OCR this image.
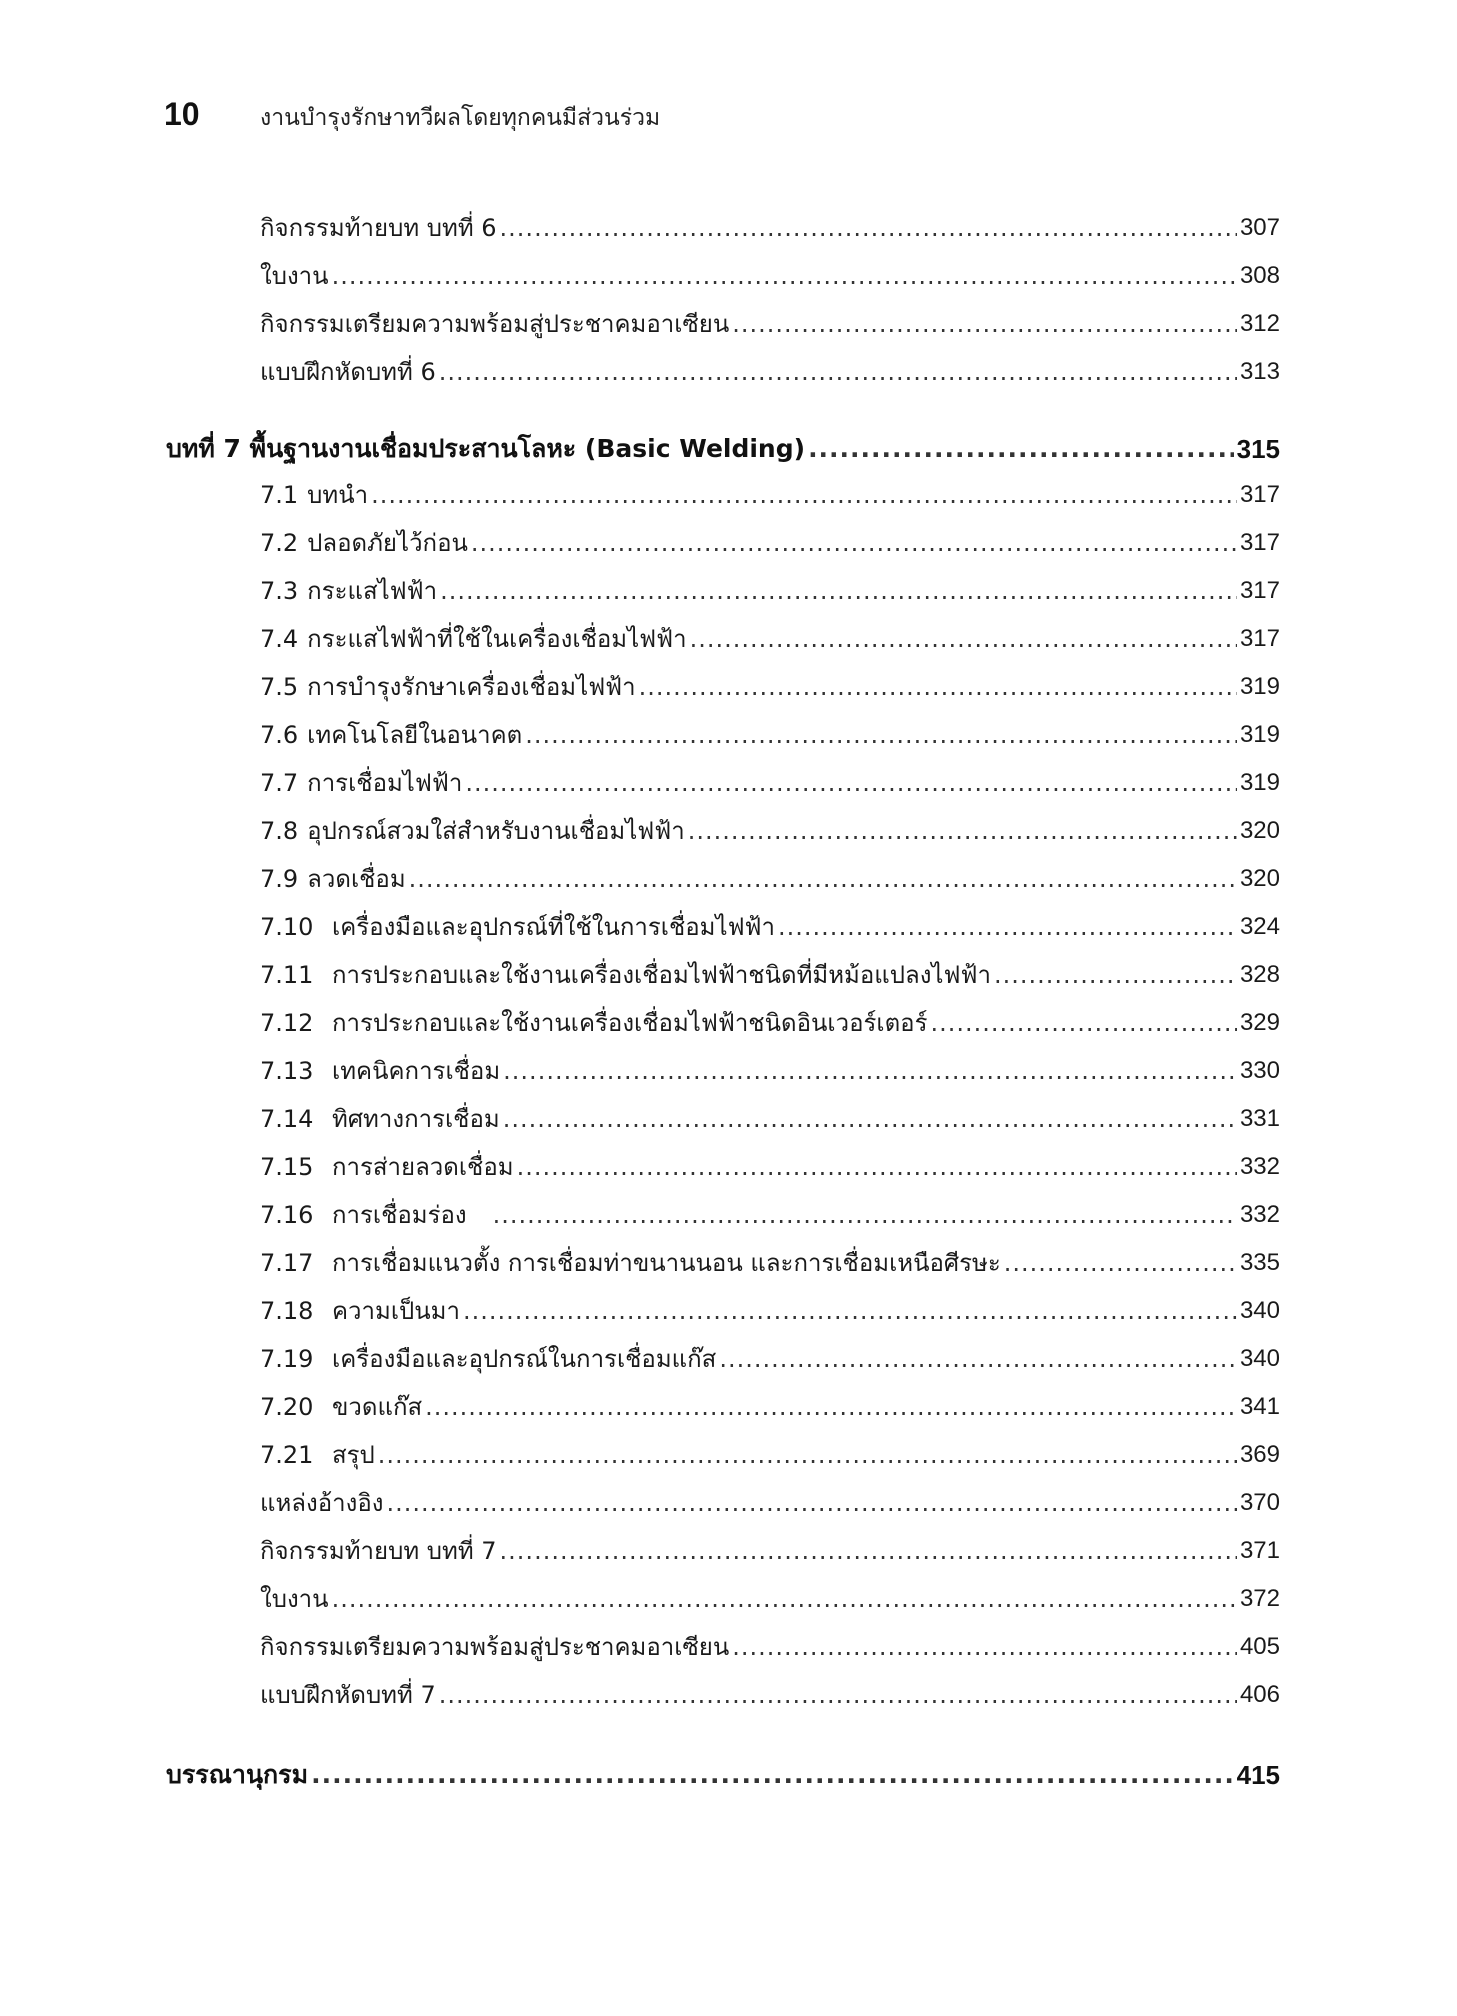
10	งานบำรุงรักษาทวีผลโดยทุกคนมีส่วนร่วม
กิจกรรมท้ายบท บทที่ 6 .....	307
ใบงาน .....	308
กิจกรรมเตรียมความพร้อมสู่ประชาคมอาเซียน .....	312
แบบฝึกหัดบทที่ 6 .....	313
บทที่ 7 พื้นฐานงานเชื่อมประสานโลหะ (Basic Welding) .....	315
7.1 บทนำ .....	317
7.2 ปลอดภัยไว้ก่อน .....	317
7.3 กระแสไฟฟ้า .....	317
7.4 กระแสไฟฟ้าที่ใช้ในเครื่องเชื่อมไฟฟ้า .....	317
7.5 การบำรุงรักษาเครื่องเชื่อมไฟฟ้า .....	319
7.6 เทคโนโลยีในอนาคต .....	319
7.7 การเชื่อมไฟฟ้า .....	319
7.8 อุปกรณ์สวมใส่สำหรับงานเชื่อมไฟฟ้า .....	320
7.9 ลวดเชื่อม .....	320
7.10 เครื่องมือและอุปกรณ์ที่ใช้ในการเชื่อมไฟฟ้า .....	324
7.11 การประกอบและใช้งานเครื่องเชื่อมไฟฟ้าชนิดที่มีหม้อแปลงไฟฟ้า .....	328
7.12 การประกอบและใช้งานเครื่องเชื่อมไฟฟ้าชนิดอินเวอร์เตอร์ .....	329
7.13 เทคนิคการเชื่อม .....	330
7.14 ทิศทางการเชื่อม .....	331
7.15 การส่ายลวดเชื่อม .....	332
7.16 การเชื่อมร่อง .....	332
7.17 การเชื่อมแนวตั้ง การเชื่อมท่าขนานนอน และการเชื่อมเหนือศีรษะ .....	335
7.18 ความเป็นมา .....	340
7.19 เครื่องมือและอุปกรณ์ในการเชื่อมแก๊ส .....	340
7.20 ขวดแก๊ส .....	341
7.21 สรุป .....	369
แหล่งอ้างอิง .....	370
กิจกรรมท้ายบท บทที่ 7 .....	371
ใบงาน .....	372
กิจกรรมเตรียมความพร้อมสู่ประชาคมอาเซียน .....	405
แบบฝึกหัดบทที่ 7 .....	406
บรรณานุกรม .....	415
